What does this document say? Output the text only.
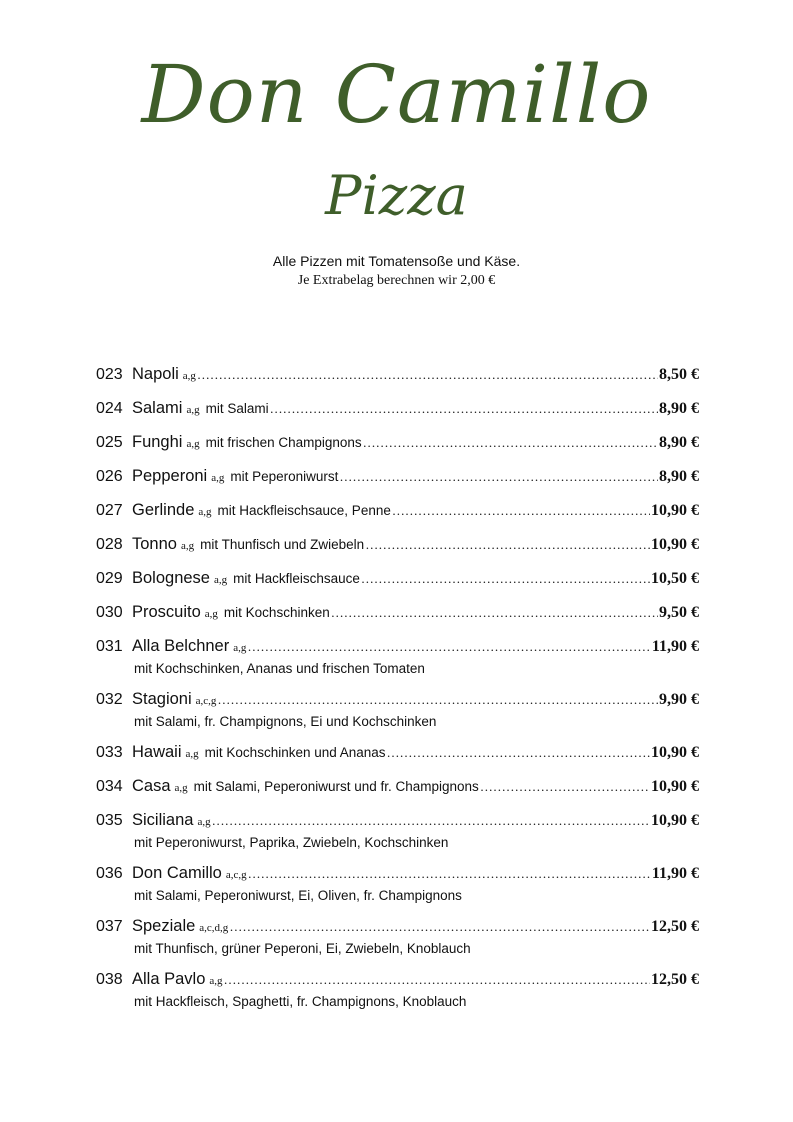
Don Camillo
Pizza
Alle Pizzen mit Tomatensoße und Käse.
Je Extrabelag berechnen wir 2,00 €
023 Napoli a,g ………………………………………………………………………………………………………………………………………………………………………………………………………………………………	8,50 €
024 Salami a,g mit Salami ………………………………………………………………………………………………………………………………………………………………………………………………………………………………	8,90 €
025 Funghi a,g mit frischen Champignons ………………………………………………………………………………………………………………………………………………………………………………………………………………………………	8,90 €
026 Pepperoni a,g mit Peperoniwurst ………………………………………………………………………………………………………………………………………………………………………………………………………………………………	8,90 €
027 Gerlinde a,g mit Hackfleischsauce, Penne ………………………………………………………………………………………………………………………………………………………………………………………………………………………………	10,90 €
028 Tonno a,g mit Thunfisch und Zwiebeln ………………………………………………………………………………………………………………………………………………………………………………………………………………………………	10,90 €
029 Bolognese a,g mit Hackfleischsauce ………………………………………………………………………………………………………………………………………………………………………………………………………………………………	10,50 €
030 Proscuito a,g mit Kochschinken ………………………………………………………………………………………………………………………………………………………………………………………………………………………………	9,50 €
031 Alla Belchner a,g ………………………………………………………………………………………………………………………………………………………………………………………………………………………………	11,90 €
mit Kochschinken, Ananas und frischen Tomaten
032 Stagioni a,c,g ………………………………………………………………………………………………………………………………………………………………………………………………………………………………	9,90 €
mit Salami, fr. Champignons, Ei und Kochschinken
033 Hawaii a,g mit Kochschinken und Ananas ………………………………………………………………………………………………………………………………………………………………………………………………………………………………	10,90 €
034 Casa a,g mit Salami, Peperoniwurst und fr. Champignons ………………………………………………………………………………………………………………………………………………………………………………………………………………………………	10,90 €
035 Siciliana a,g ………………………………………………………………………………………………………………………………………………………………………………………………………………………………	10,90 €
mit Peperoniwurst, Paprika, Zwiebeln, Kochschinken
036 Don Camillo a,c,g ………………………………………………………………………………………………………………………………………………………………………………………………………………………………	11,90 €
mit Salami, Peperoniwurst, Ei, Oliven, fr. Champignons
037 Speziale a,c,d,g ………………………………………………………………………………………………………………………………………………………………………………………………………………………………	12,50 €
mit Thunfisch, grüner Peperoni, Ei, Zwiebeln, Knoblauch
038 Alla Pavlo a,g ………………………………………………………………………………………………………………………………………………………………………………………………………………………………	12,50 €
mit Hackfleisch, Spaghetti, fr. Champignons, Knoblauch
